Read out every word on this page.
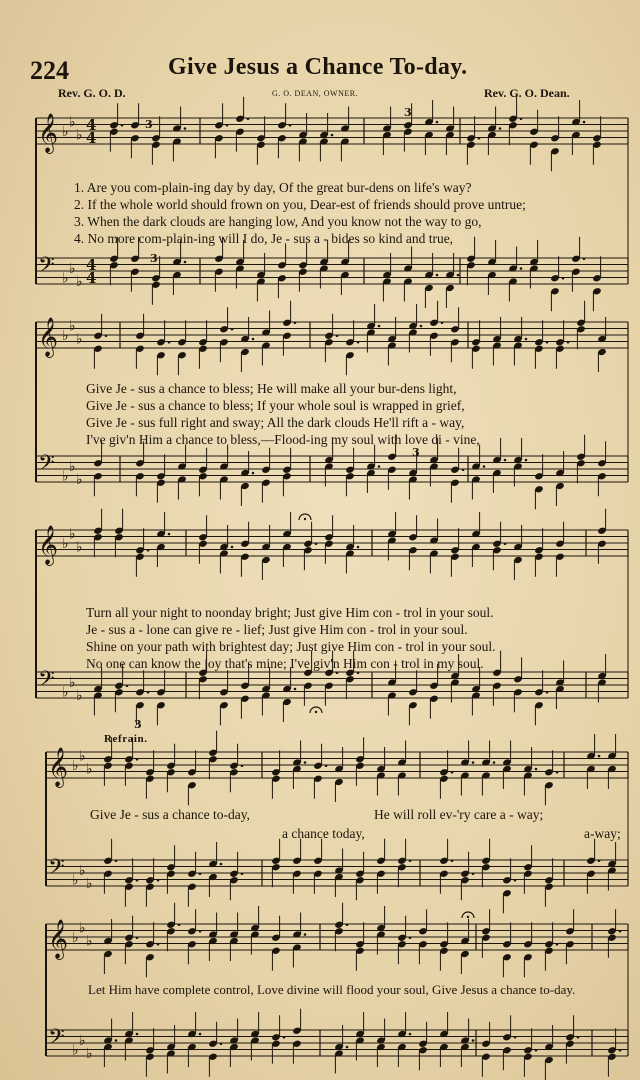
224	Give Jesus a Chance To-day.
Rev. G. O. D.	G. O. DEAN, OWNER.	Rev. G. O. Dean.
𝄞 ♭
♭
♭
4
4
𝄢 ♭
♭
♭
4
4
𝄞 ♭
♭
♭
𝄢 ♭
♭
♭
𝄞 ♭
♭
♭
𝄢 ♭
♭
♭
𝄞 ♭
♭
♭
𝄢 ♭
♭
♭
𝄞 ♭
♭
♭
𝄢 ♭
♭
♭
3
3
3
3
3
1. Are you com-plain-ing day by day, Of the great bur-dens on life's way?
2. If the whole world should frown on you, Dear-est of friends should prove untrue;
3. When the dark clouds are hanging low, And you know not the way to go,
4. No more com-plain-ing will I do, Je - sus a - bides so kind and true,
Give Je - sus a chance to bless; He will make all your bur-dens light,
Give Je - sus a chance to bless; If your whole soul is wrapped in grief,
Give Je - sus full right and sway; All the dark clouds He'll rift a - way,
I've giv'n Him a chance to bless,—Flood-ing my soul with love di - vine,
Turn all your night to noonday bright; Just give Him con - trol in your soul.
Je - sus a - lone can give re - lief; Just give Him con - trol in your soul.
Shine on your path with brightest day; Just give Him con - trol in your soul.
No one can know the joy that's mine; I've giv'n Him con - trol in my soul.
Refrain.
Give Je - sus a chance to-day,	He will roll ev-'ry care a - way;
a chance today,	a-way;
Let Him have complete control, Love divine will flood your soul, Give Jesus a chance to-day.
